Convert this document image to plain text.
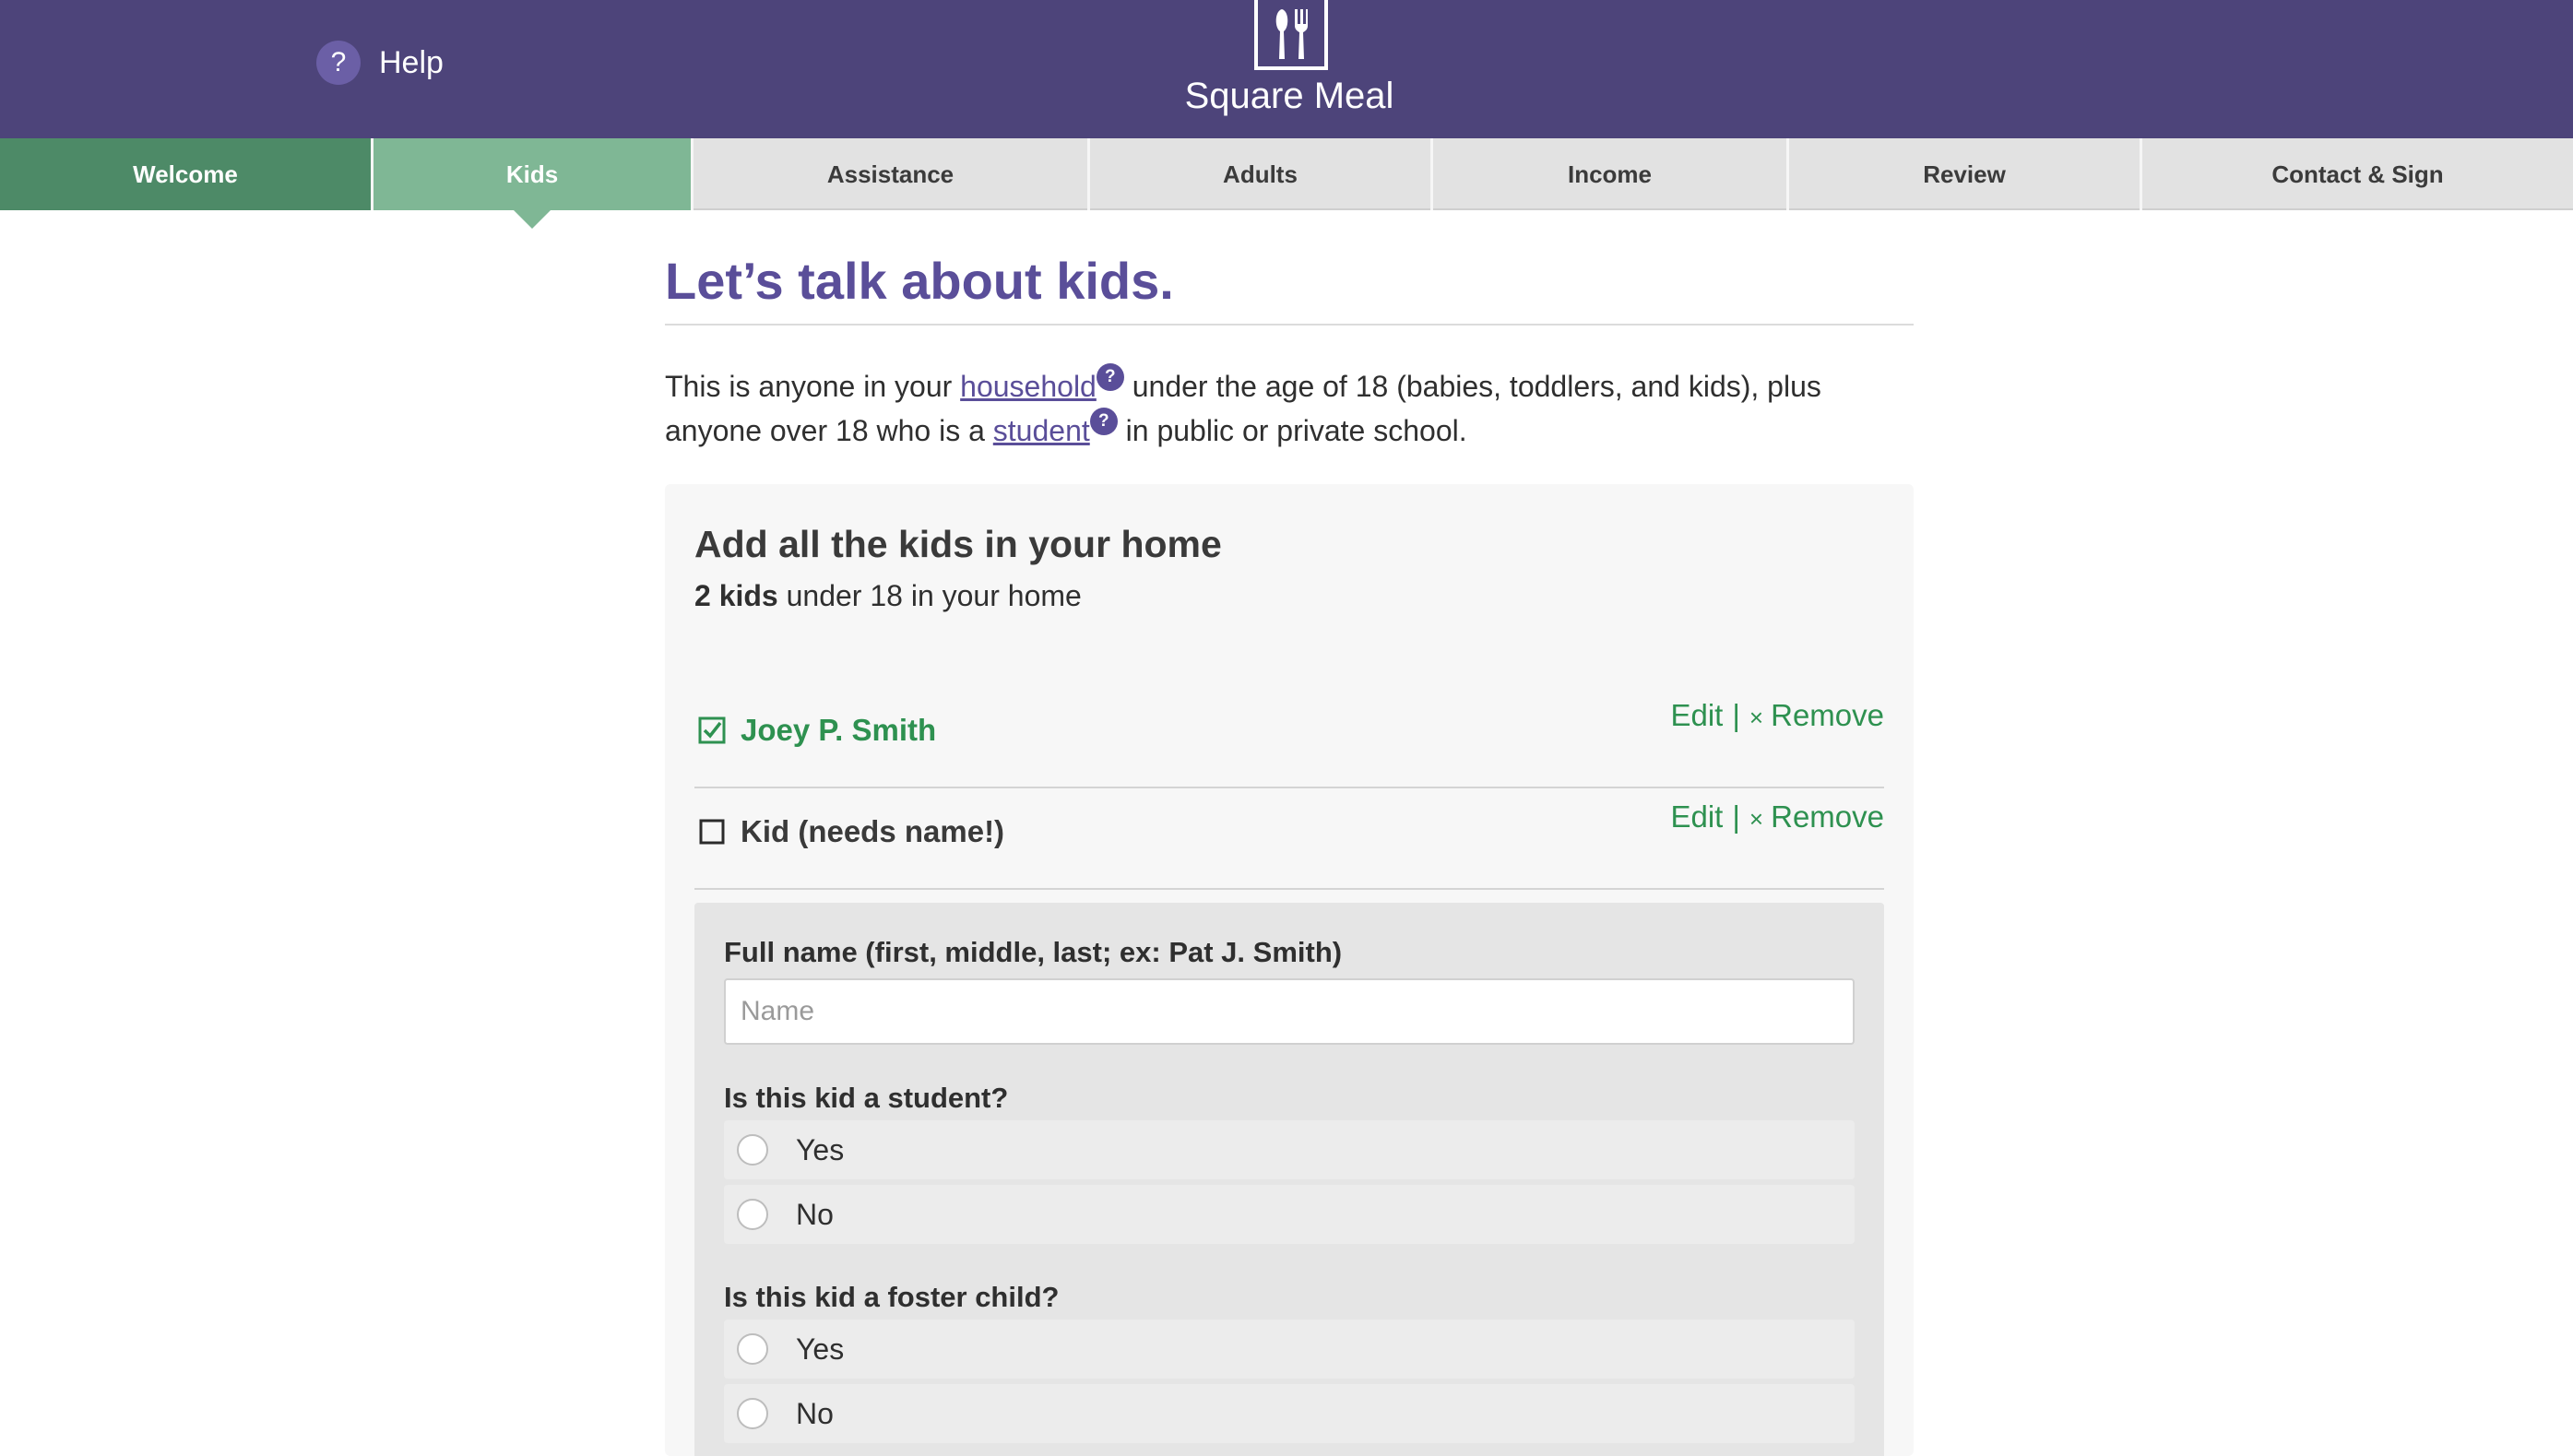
?	Help
Square Meal
Welcome	Kids	Assistance	Adults	Income	Review	Contact & Sign
Let’s talk about kids.

This is anyone in your household ? under the age of 18 (babies, toddlers, and kids), plus anyone over 18 who is a student ? in public or private school.

Add all the kids in your home
2 kids under 18 in your home
Joey P. Smith	Edit | × Remove
Kid (needs name!)	Edit | × Remove
Full name (first, middle, last; ex: Pat J. Smith)
Name
Is this kid a student?
Yes
No
Is this kid a foster child?
Yes
No
